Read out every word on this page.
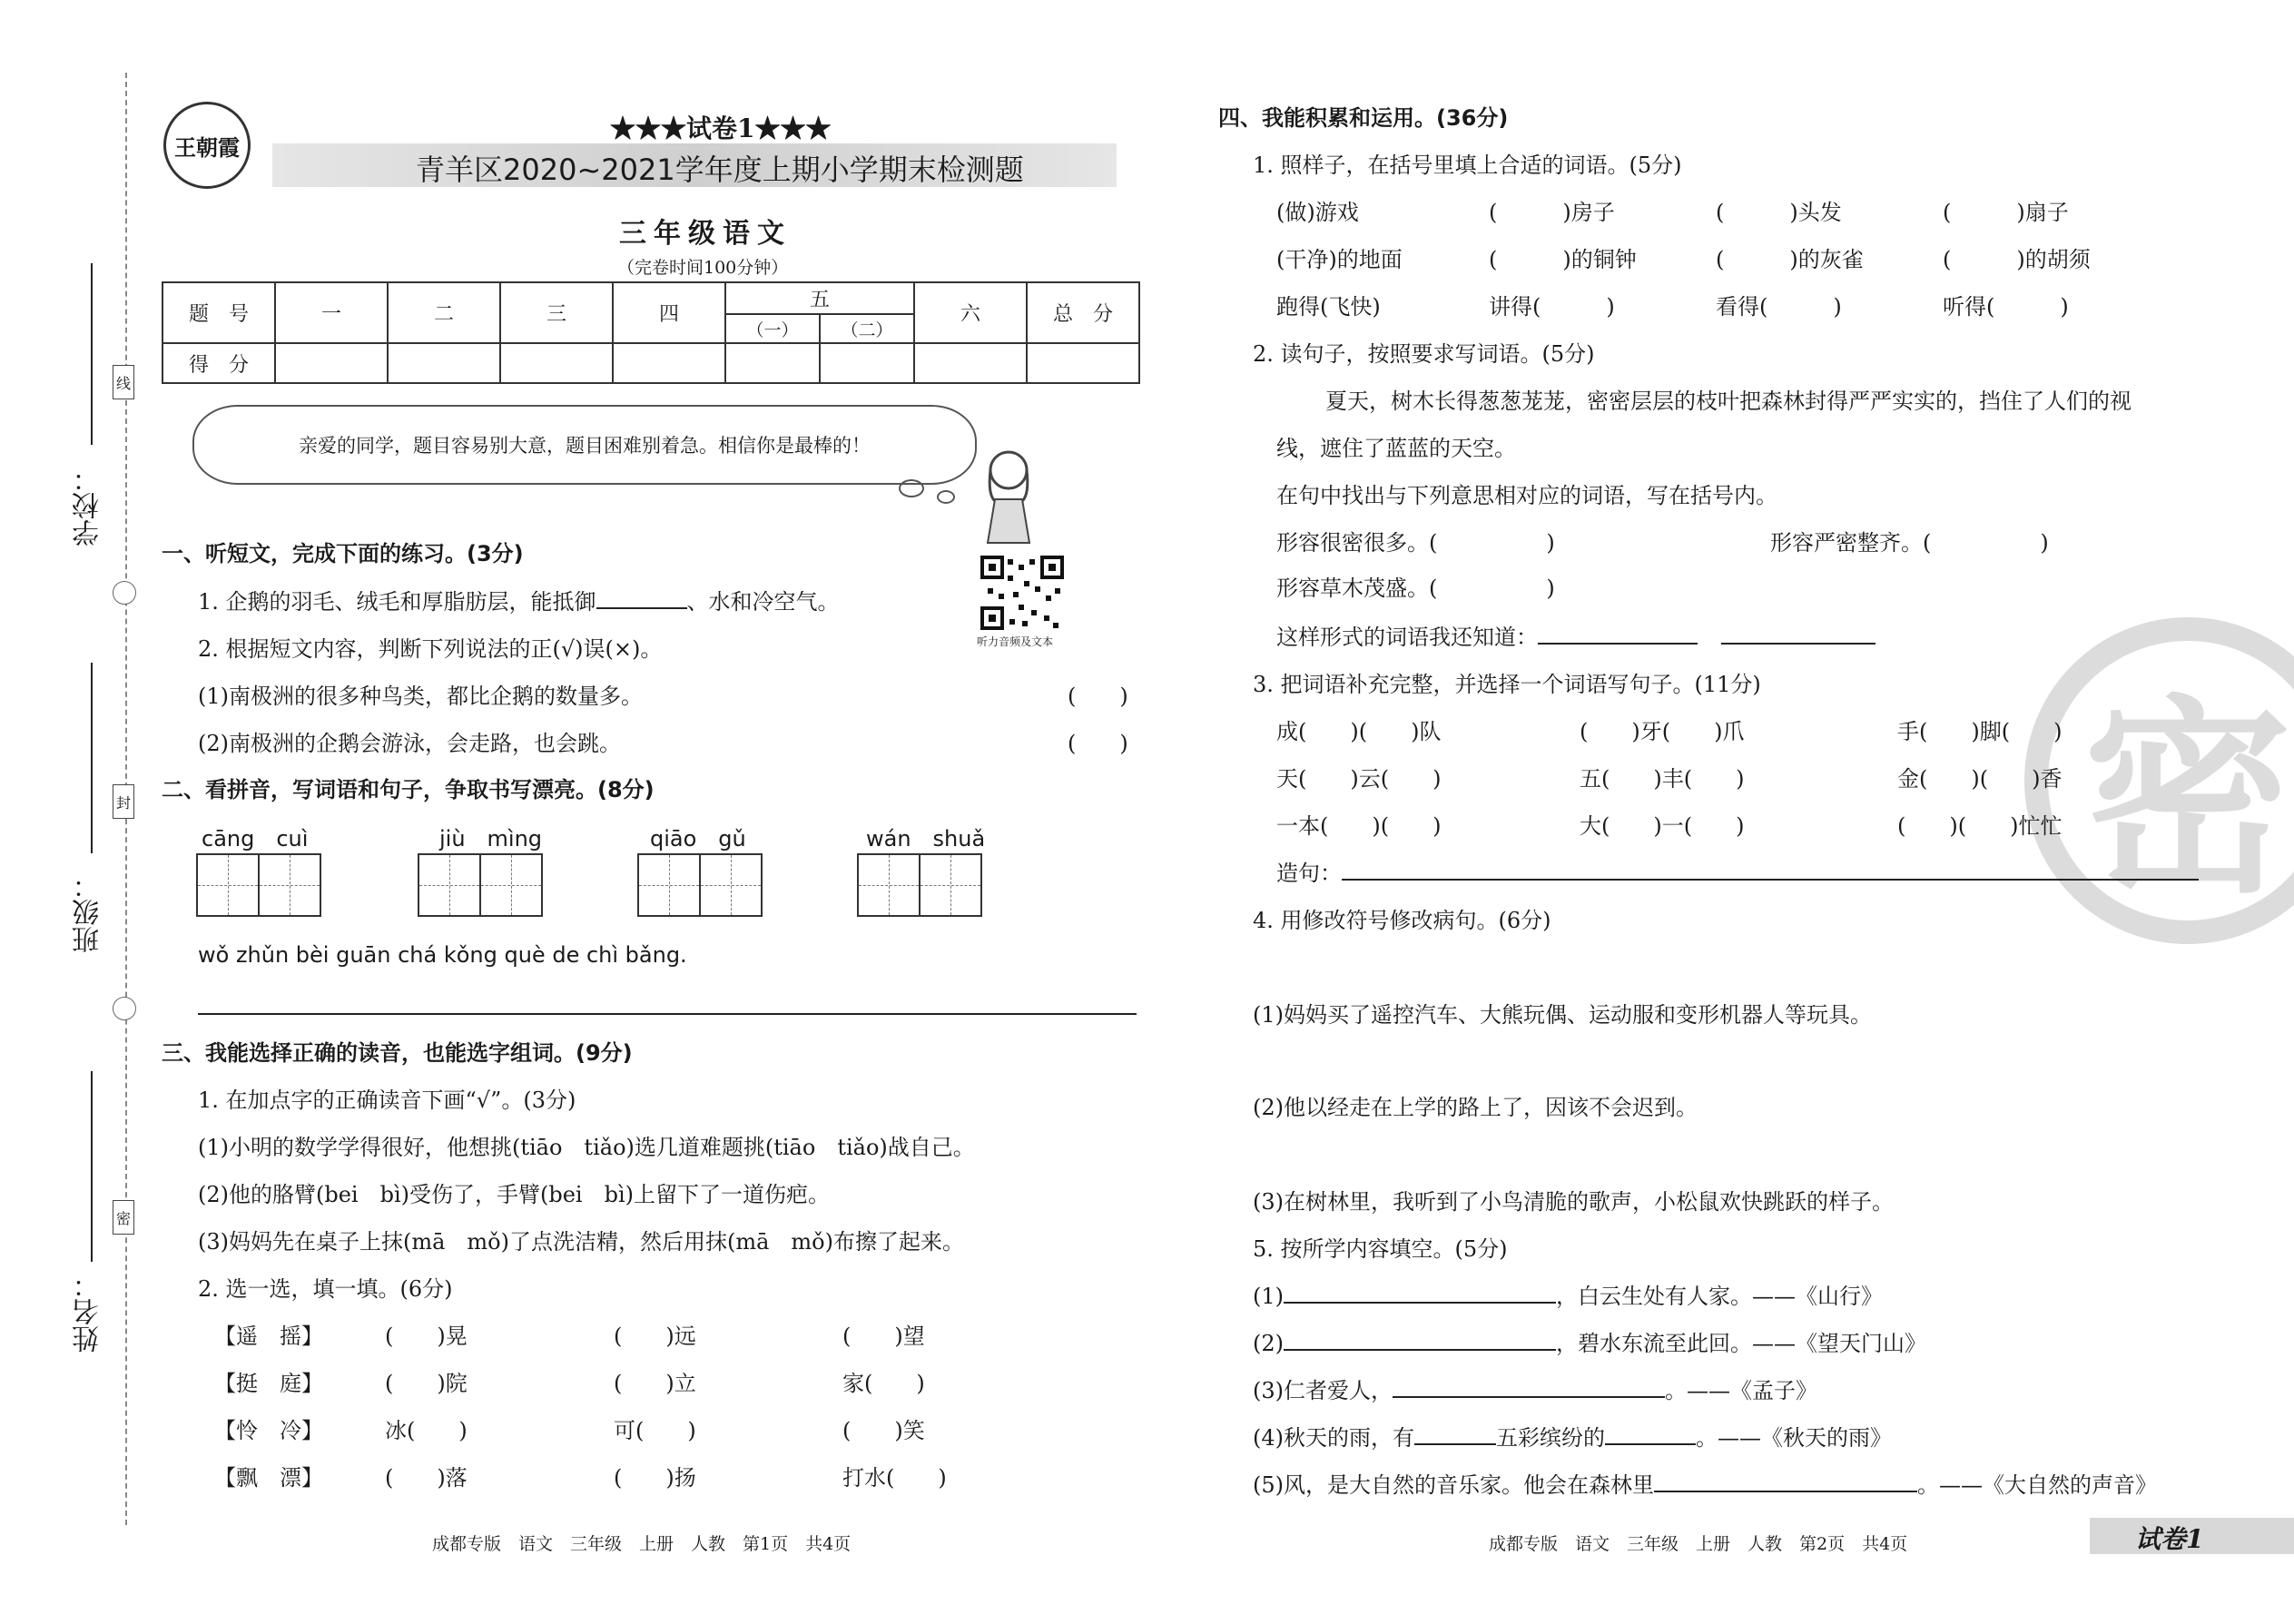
学校：
班级：
姓名：
线
封
密
王朝霞
★★★试卷1★★★
青羊区2020~2021学年度上期小学期末检测题
三年级语文
（完卷时间100分钟）
题　号	一	二	三	四	五		六	总　分
					（一）	（二）		
得　分								
亲爱的同学，题目容易别大意，题目困难别着急。相信你是最棒的！
听力音频及文本
一、听短文，完成下面的练习。(3分)
1. 企鹅的羽毛、绒毛和厚脂肪层，能抵御	、水和冷空气。
2. 根据短文内容，判断下列说法的正(√)误(×)。
(1)南极洲的很多种鸟类，都比企鹅的数量多。	(　　)
(2)南极洲的企鹅会游泳，会走路，也会跳。	(　　)
二、看拼音，写词语和句子，争取书写漂亮。(8分)
cāng　cuì	jiù　mìng	qiāo　gǔ	wán　shuǎ
wǒ zhǔn bèi guān chá kǒng què de chì bǎng.
三、我能选择正确的读音，也能选字组词。(9分)
1. 在加点字的正确读音下画“√”。(3分)
(1)小明的数学学得很好，他想挑(tiāo　tiǎo)选几道难题挑(tiāo　tiǎo)战自己。
(2)他的胳臂(bei　bì)受伤了，手臂(bei　bì)上留下了一道伤疤。
(3)妈妈先在桌子上抹(mā　mǒ)了点洗洁精，然后用抹(mā　mǒ)布擦了起来。
2. 选一选，填一填。(6分)
【遥　摇】	(　　)晃	(　　)远	(　　)望
【挺　庭】	(　　)院	(　　)立	家(　　)
【怜　冷】	冰(　　)	可(　　)	(　　)笑
【飘　漂】	(　　)落	(　　)扬	打水(　　)
成都专版　语文　三年级　上册　人教　第1页　共4页
密
四、我能积累和运用。(36分)
1. 照样子，在括号里填上合适的词语。(5分)
(做)游戏	(　　　)房子	(　　　)头发	(　　　)扇子
(干净)的地面	(　　　)的铜钟	(　　　)的灰雀	(　　　)的胡须
跑得(飞快)	讲得(　　　)	看得(　　　)	听得(　　　)
2. 读句子，按照要求写词语。(5分)
夏天，树木长得葱葱茏茏，密密层层的枝叶把森林封得严严实实的，挡住了人们的视
线，遮住了蓝蓝的天空。
在句中找出与下列意思相对应的词语，写在括号内。
形容很密很多。(　　　　　)	形容严密整齐。(　　　　　)
形容草木茂盛。(　　　　　)
这样形式的词语我还知道：
3. 把词语补充完整，并选择一个词语写句子。(11分)
成(　　)(　　)队	(　　)牙(　　)爪	手(　　)脚(　　)
天(　　)云(　　)	五(　　)丰(　　)	金(　　)(　　)香
一本(　　)(　　)	大(　　)一(　　)	(　　)(　　)忙忙
造句：
4. 用修改符号修改病句。(6分)
(1)妈妈买了遥控汽车、大熊玩偶、运动服和变形机器人等玩具。
(2)他以经走在上学的路上了，因该不会迟到。
(3)在树林里，我听到了小鸟清脆的歌声，小松鼠欢快跳跃的样子。
5. 按所学内容填空。(5分)
(1)	，白云生处有人家。——《山行》
(2)	，碧水东流至此回。——《望天门山》
(3)仁者爱人，	。——《孟子》
(4)秋天的雨，有	五彩缤纷的	。——《秋天的雨》
(5)风，是大自然的音乐家。他会在森林里	。——《大自然的声音》
成都专版　语文　三年级　上册　人教　第2页　共4页	试卷1
